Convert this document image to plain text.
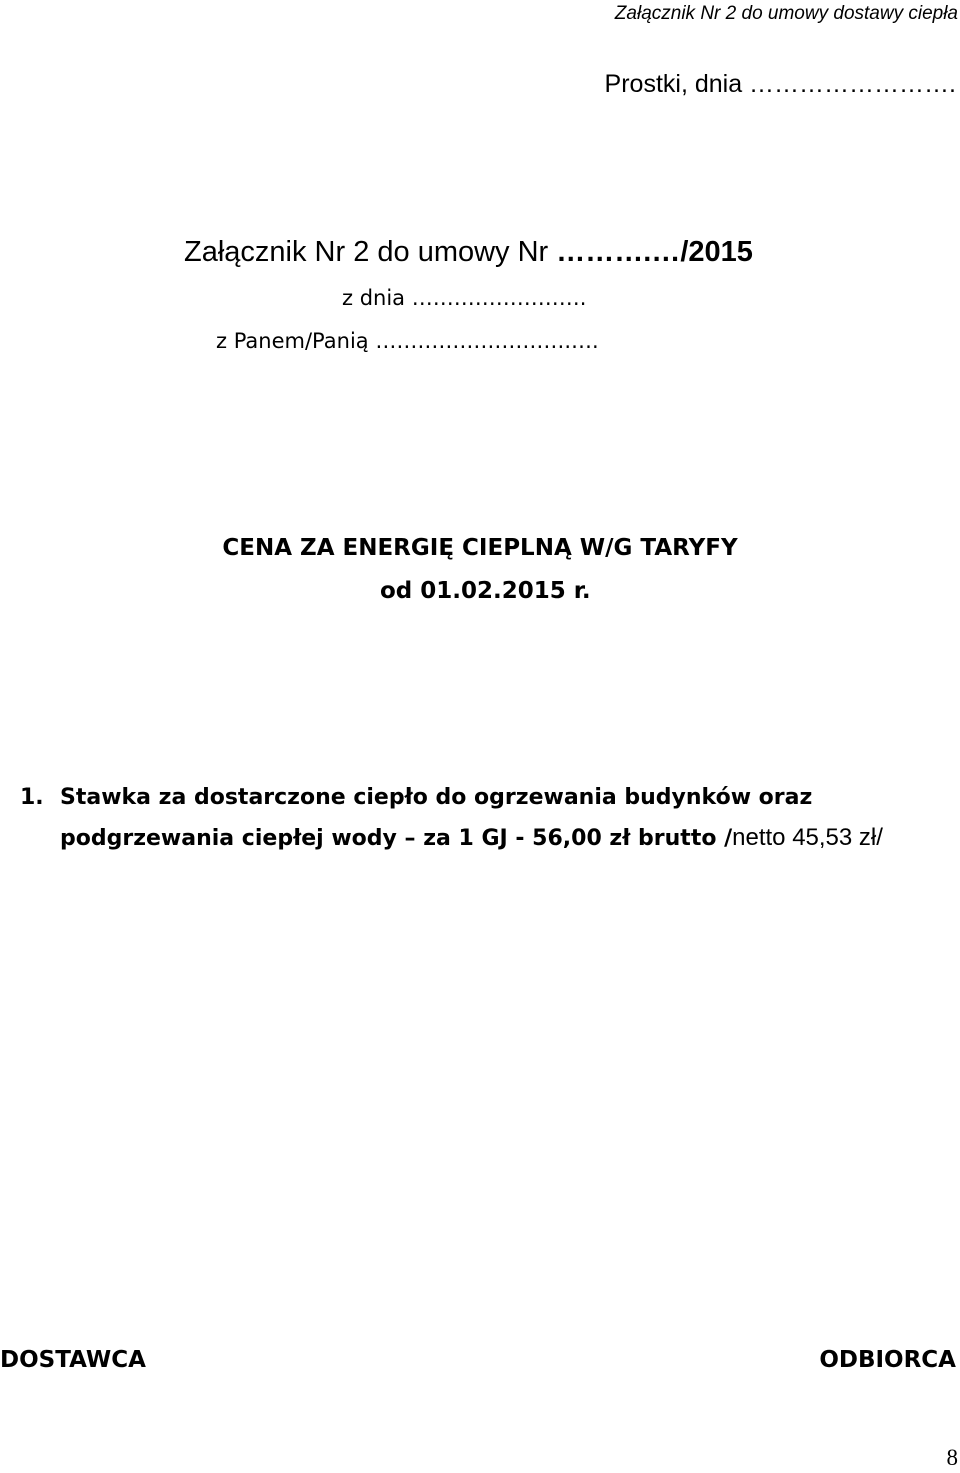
Załącznik Nr 2 do umowy dostawy ciepła
Prostki, dnia …………………….
Załącznik Nr 2 do umowy Nr ……….…/2015
z dnia …………………….
z Panem/Panią ……………………….….
CENA ZA ENERGIĘ CIEPLNĄ W/G TARYFY
od 01.02.2015 r.
1. Stawka za dostarczone ciepło do ogrzewania budynków oraz
podgrzewania ciepłej wody – za 1 GJ - 56,00 zł brutto /netto 45,53 zł/
DOSTAWCA	ODBIORCA
8
